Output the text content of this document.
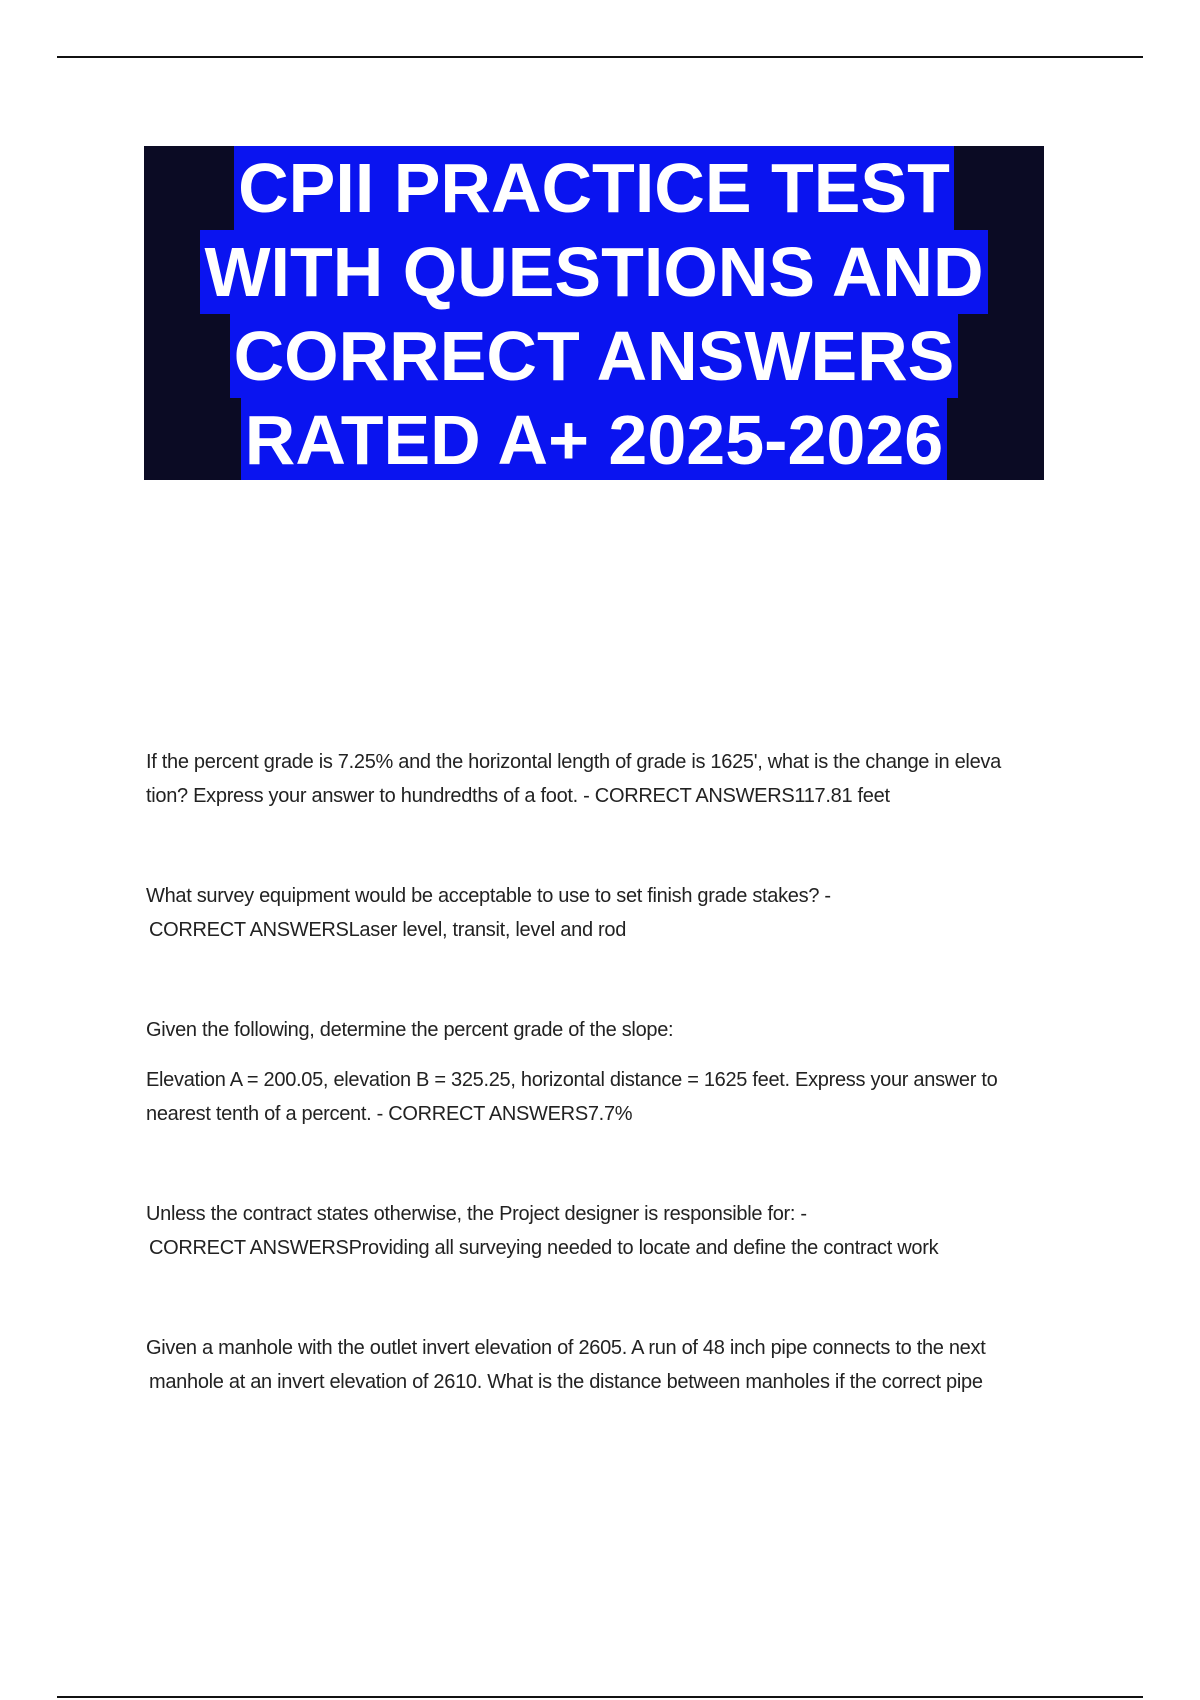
CPII PRACTICE TEST
WITH QUESTIONS AND
CORRECT ANSWERS
RATED A+ 2025-2026

If the percent grade is 7.25% and the horizontal length of grade is 1625', what is the change in eleva
tion? Express your answer to hundredths of a foot. - CORRECT ANSWERS117.81 feet

What survey equipment would be acceptable to use to set finish grade stakes? -
CORRECT ANSWERSLaser level, transit, level and rod

Given the following, determine the percent grade of the slope:

Elevation A = 200.05, elevation B = 325.25, horizontal distance = 1625 feet. Express your answer to
nearest tenth of a percent. - CORRECT ANSWERS7.7%

Unless the contract states otherwise, the Project designer is responsible for: -
CORRECT ANSWERSProviding all surveying needed to locate and define the contract work

Given a manhole with the outlet invert elevation of 2605. A run of 48 inch pipe connects to the next
manhole at an invert elevation of 2610. What is the distance between manholes if the correct pipe
